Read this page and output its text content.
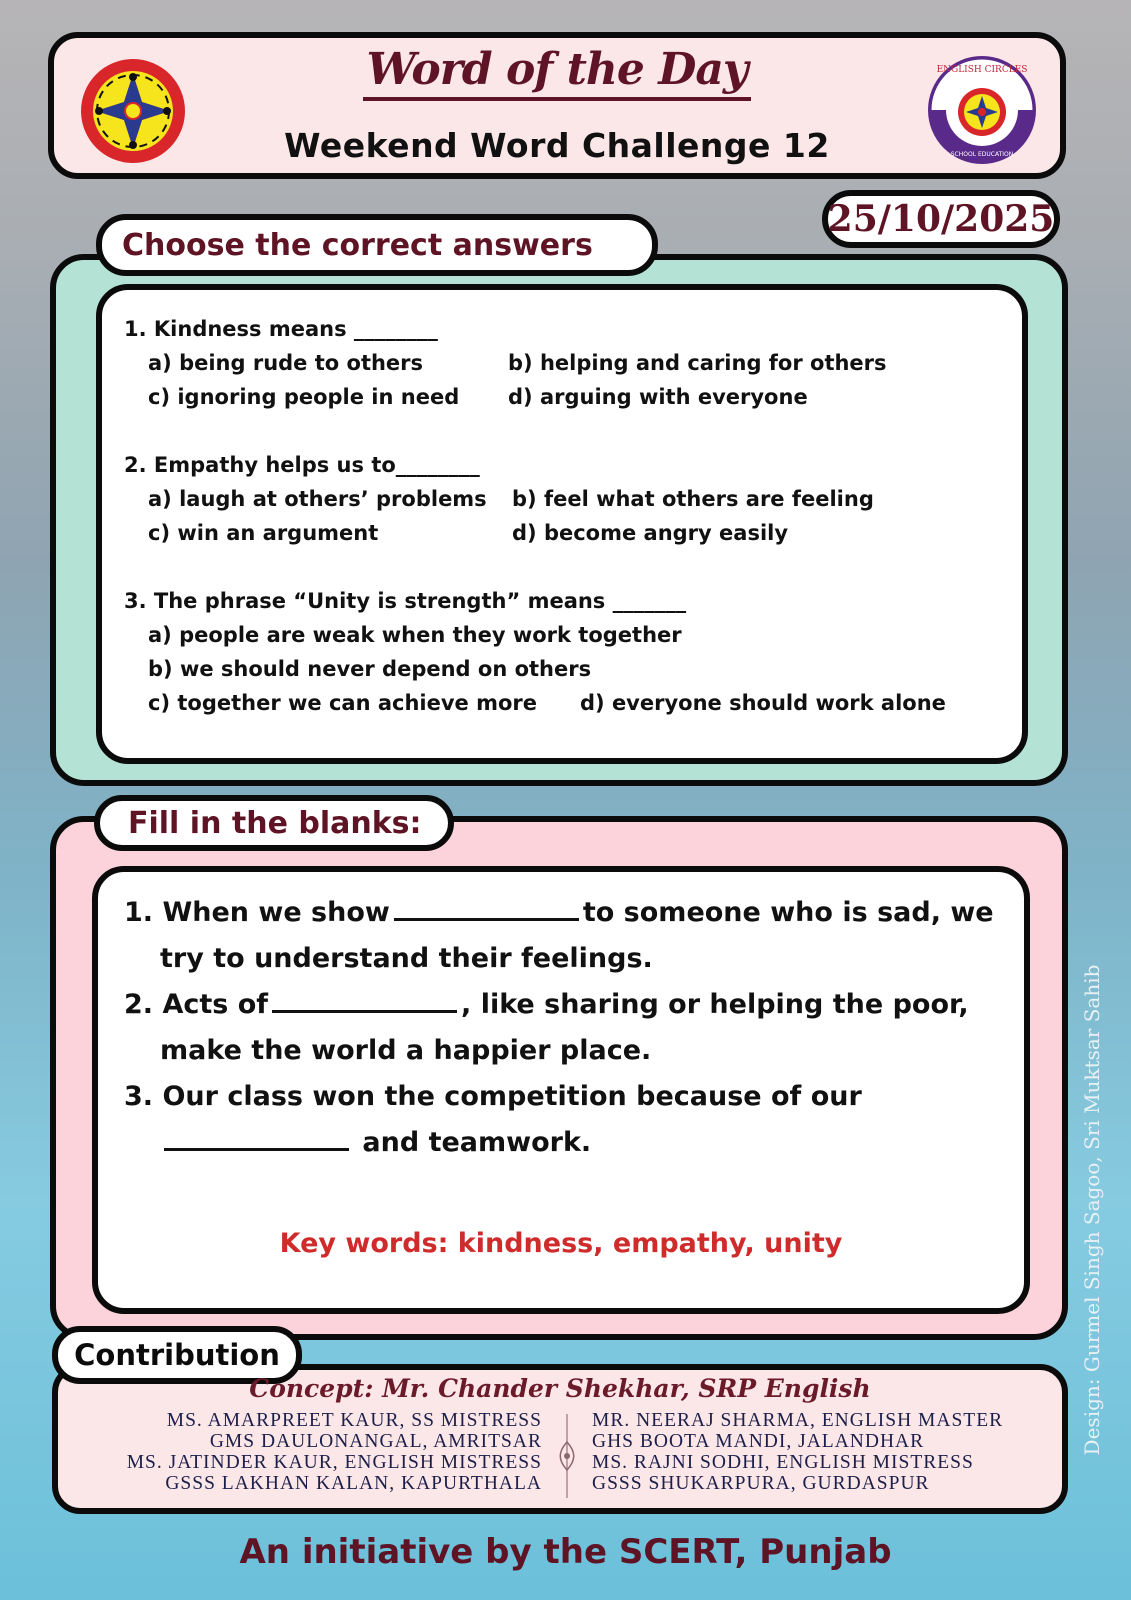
Word of the Day
Weekend Word Challenge 12
ENGLISH CIRCLES
SCHOOL EDUCATION
25/10/2025
Choose the correct answers
1. Kindness means ________
a) being rude to others	b) helping and caring for others
c) ignoring people in need	d) arguing with everyone
2. Empathy helps us to________
a) laugh at others’ problems	b) feel what others are feeling
c) win an argument	d) become angry easily
3. The phrase “Unity is strength” means _______
a) people are weak when they work together
b) we should never depend on others
c) together we can achieve more	d) everyone should work alone
Fill in the blanks:
1. When we show	to someone who is sad, we
try to understand their feelings.
2. Acts of	, like sharing or helping the poor,
make the world a happier place.
3. Our class won the competition because of our
and teamwork.
Key words: kindness, empathy, unity
Contribution
Concept: Mr. Chander Shekhar, SRP English
MS. AMARPREET KAUR, SS MISTRESS
GMS DAULONANGAL, AMRITSAR
MS. JATINDER KAUR, ENGLISH MISTRESS
GSSS LAKHAN KALAN, KAPURTHALA
MR. NEERAJ SHARMA, ENGLISH MASTER
GHS BOOTA MANDI, JALANDHAR
MS. RAJNI SODHI, ENGLISH MISTRESS
GSSS SHUKARPURA, GURDASPUR
An initiative by the SCERT, Punjab
Design: Gurmel Singh Sagoo, Sri Muktsar Sahib
